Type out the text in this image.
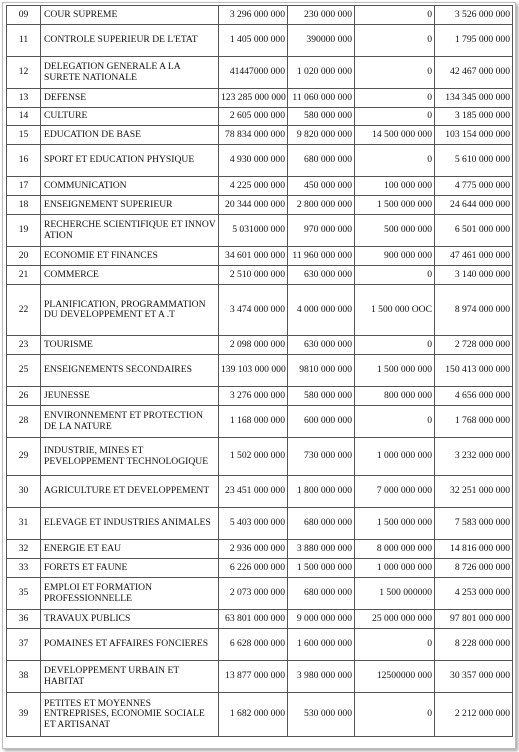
09	COUR SUPREME	3 296 000 000	230 000 000	0	3 526 000 000
11	CONTROLE SUPERIEUR DE L'ETAT	1 405 000 000	390000 000	0	1 795 000 000
12	DELEGATION GENERALE A LA SURETE NATIONALE	41447000 000	1 020 000 000	0	42 467 000 000
13	DEFENSE	123 285 000 000	11 060 000 000	0	134 345 000 000
14	CULTURE	2 605 000 000	580 000 000	0	3 185 000 000
15	EDUCATION DE BASE	78 834 000 000	9 820 000 000	14 500 000 000	103 154 000 000
16	SPORT ET EDUCATION PHYSIQUE	4 930 000 000	680 000 000	0	5 610 000 000
17	COMMUNICATION	4 225 000 000	450 000 000	100 000 000	4 775 000 000
18	ENSEIGNEMENT SUPERIEUR	20 344 000 000	2 800 000 000	1 500 000 000	24 644 000 000
19	RECHERCHE SCIENTIFIQUE ET INNOV ATION	5 031000 000	970 000 000	500 000 000	6 501 000 000
20	ECONOMIE ET FINANCES	34 601 000 000	11 960 000 000	900 000 000	47 461 000 000
21	COMMERCE	2 510 000 000	630 000 000	0	3 140 000 000
22	PLANIFICATION, PROGRAMMATION DU DEVELOPPEMENT ET A .T	3 474 000 000	4 000 000 000	1 500 000 OOC	8 974 000 000
23	TOURISME	2 098 000 000	630 000 000	0	2 728 000 000
25	ENSEIGNEMENTS SECONDAIRES	139 103 000 000	9810 000 000	1 500 000 000	150 413 000 000
26	JEUNESSE	3 276 000 000	580 000 000	800 000 000	4 656 000 000
28	ENVIRONNEMENT ET PROTECTION DE LA NATURE	1 168 000 000	600 000 000	0	1 768 000 000
29	INDUSTRIE, MINES ET PEVELOPPEMENT TECHNOLOGIQUE	1 502 000 000	730 000 000	1 000 000 000	3 232 000 000
30	AGRICULTURE ET DEVELOPPEMENT	23 451 000 000	1 800 000 000	7 000 000 000	32 251 000 000
31	ELEVAGE ET INDUSTRIES ANIMALES	5 403 000 000	680 000 000	1 500 000 000	7 583 000 000
32	ENERGIE ET EAU	2 936 000 000	3 880 000 000	8 000 000 000	14 816 000 000
33	FORETS ET FAUNE	6 226 000 000	1 500 000 000	1 000 000 000	8 726 000 000
35	EMPLOI ET FORMATION PROFESSIONNELLE	2 073 000 000	680 000 000	1 500 000000	4 253 000 000
36	TRAVAUX PUBLICS	63 801 000 000	9 000 000 000	25 000 000 000	97 801 000 000
37	POMAINES ET AFFAIRES FONCIERES	6 628 000 000	1 600 000 000	0	8 228 000 000
38	DEVELOPPEMENT URBAIN ET HABITAT	13 877 000 000	3 980 000 000	12500000 000	30 357 000 000
39	PETITES ET MOYENNES ENTREPRISES, ECONOMIE SOCIALE ET ARTISANAT	1 682 000 000	530 000 000	0	2 212 000 000
